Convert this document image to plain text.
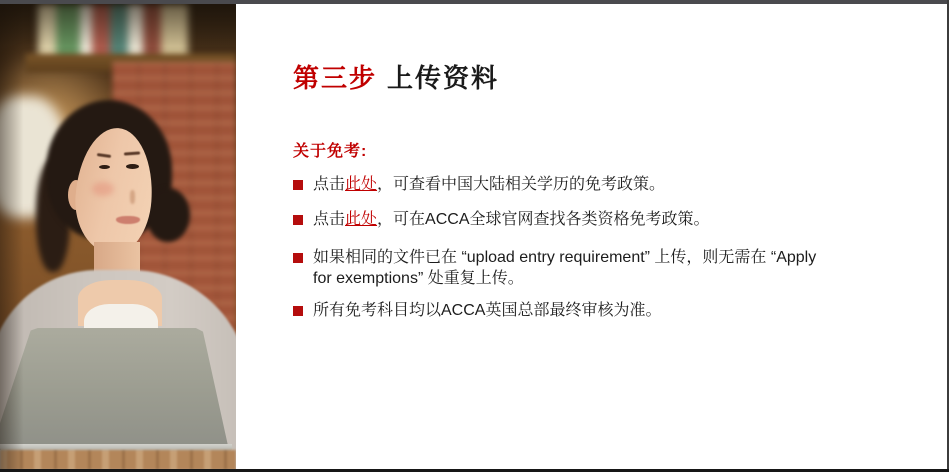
第三步 上传资料
关于免考:
点击此处，可查看中国大陆相关学历的免考政策。
点击此处，可在ACCA全球官网查找各类资格免考政策。
如果相同的文件已在 “upload entry requirement” 上传，则无需在 “Apply for exemptions” 处重复上传。
所有免考科目均以ACCA英国总部最终审核为准。
